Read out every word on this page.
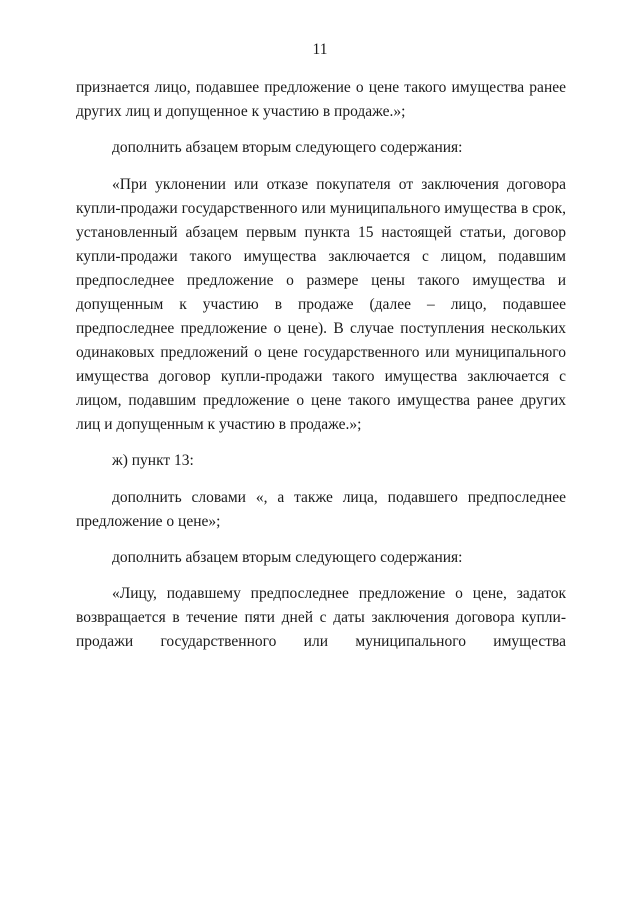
11

признается лицо, подавшее предложение о цене такого имущества ранее других лиц и допущенное к участию в продаже.»;

дополнить абзацем вторым следующего содержания:

«При уклонении или отказе покупателя от заключения договора купли-продажи государственного или муниципального имущества в срок, установленный абзацем первым пункта 15 настоящей статьи, договор купли-продажи такого имущества заключается с лицом, подавшим предпоследнее предложение о размере цены такого имущества и допущенным к участию в продаже (далее – лицо, подавшее предпоследнее предложение о цене). В случае поступления нескольких одинаковых предложений о цене государственного или муниципального имущества договор купли-продажи такого имущества заключается с лицом, подавшим предложение о цене такого имущества ранее других лиц и допущенным к участию в продаже.»;

ж) пункт 13:

дополнить словами «, а также лица, подавшего предпоследнее предложение о цене»;

дополнить абзацем вторым следующего содержания:

«Лицу, подавшему предпоследнее предложение о цене, задаток возвращается в течение пяти дней с даты заключения договора купли-продажи государственного или муниципального имущества
